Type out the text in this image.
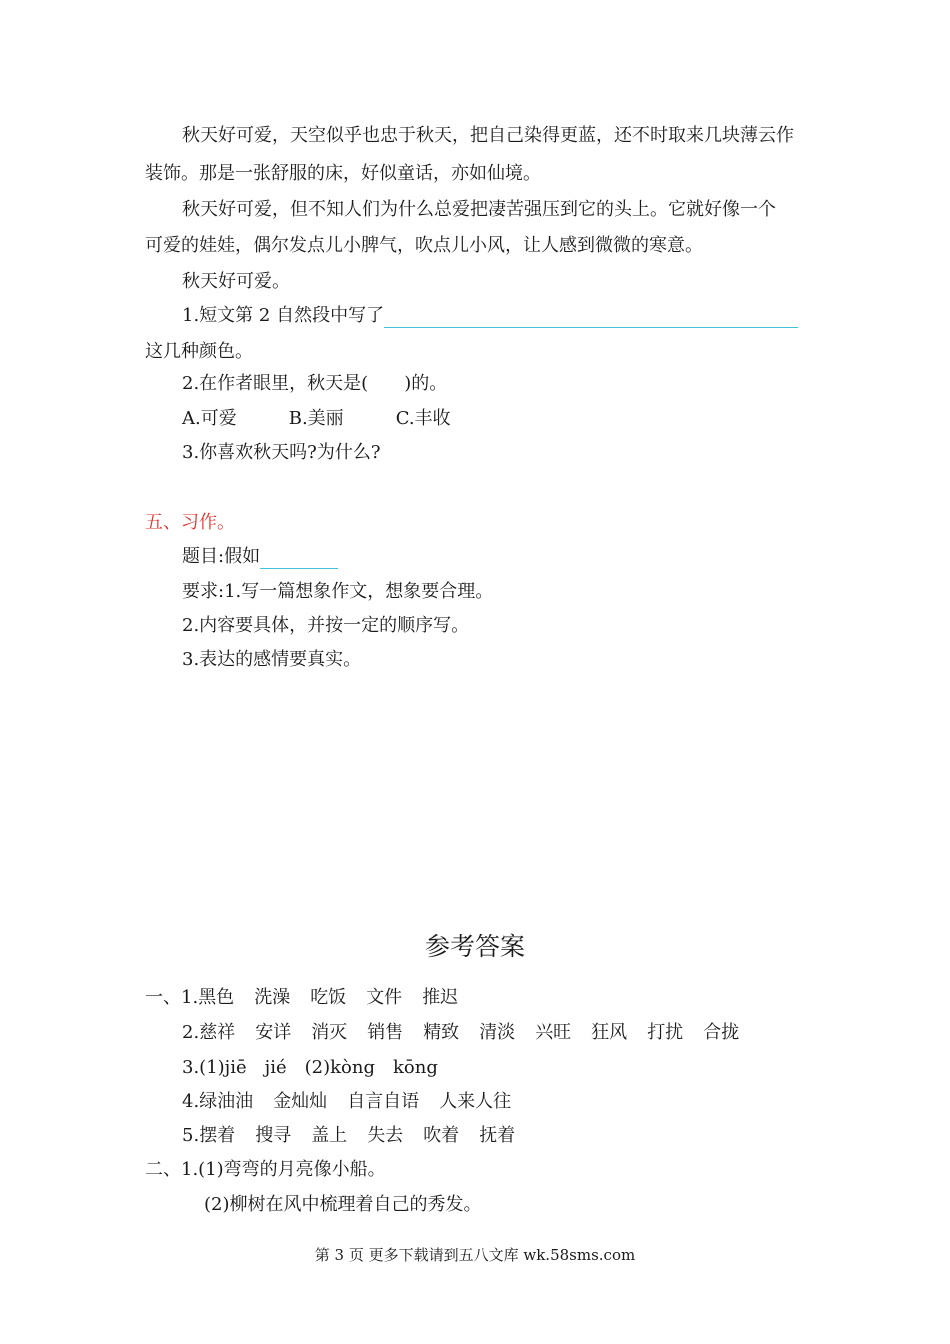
秋天好可爱，天空似乎也忠于秋天，把自己染得更蓝，还不时取来几块薄云作
装饰。那是一张舒服的床，好似童话，亦如仙境。
秋天好可爱，但不知人们为什么总爱把凄苦强压到它的头上。它就好像一个
可爱的娃娃，偶尔发点儿小脾气，吹点儿小风，让人感到微微的寒意。
秋天好可爱。
1.短文第 2 自然段中写了
这几种颜色。
2.在作者眼里，秋天是(　　)的。
A.可爱	B.美丽	C.丰收
3.你喜欢秋天吗?为什么?
五、习作。
题目:假如
要求:1.写一篇想象作文，想象要合理。
2.内容要具体，并按一定的顺序写。
3.表达的感情要真实。
参考答案
一、1.黑色 洗澡 吃饭 文件 推迟
2.慈祥 安详 消灭 销售 精致 清淡 兴旺 狂风 打扰 合拢
3.(1)jiē　jié　(2)kòng　kōng
4.绿油油 金灿灿 自言自语 人来人往
5.摆着 搜寻 盖上 失去 吹着 抚着
二、1.(1)弯弯的月亮像小船。
(2)柳树在风中梳理着自己的秀发。
第 3 页 更多下载请到五八文库 wk.58sms.com
